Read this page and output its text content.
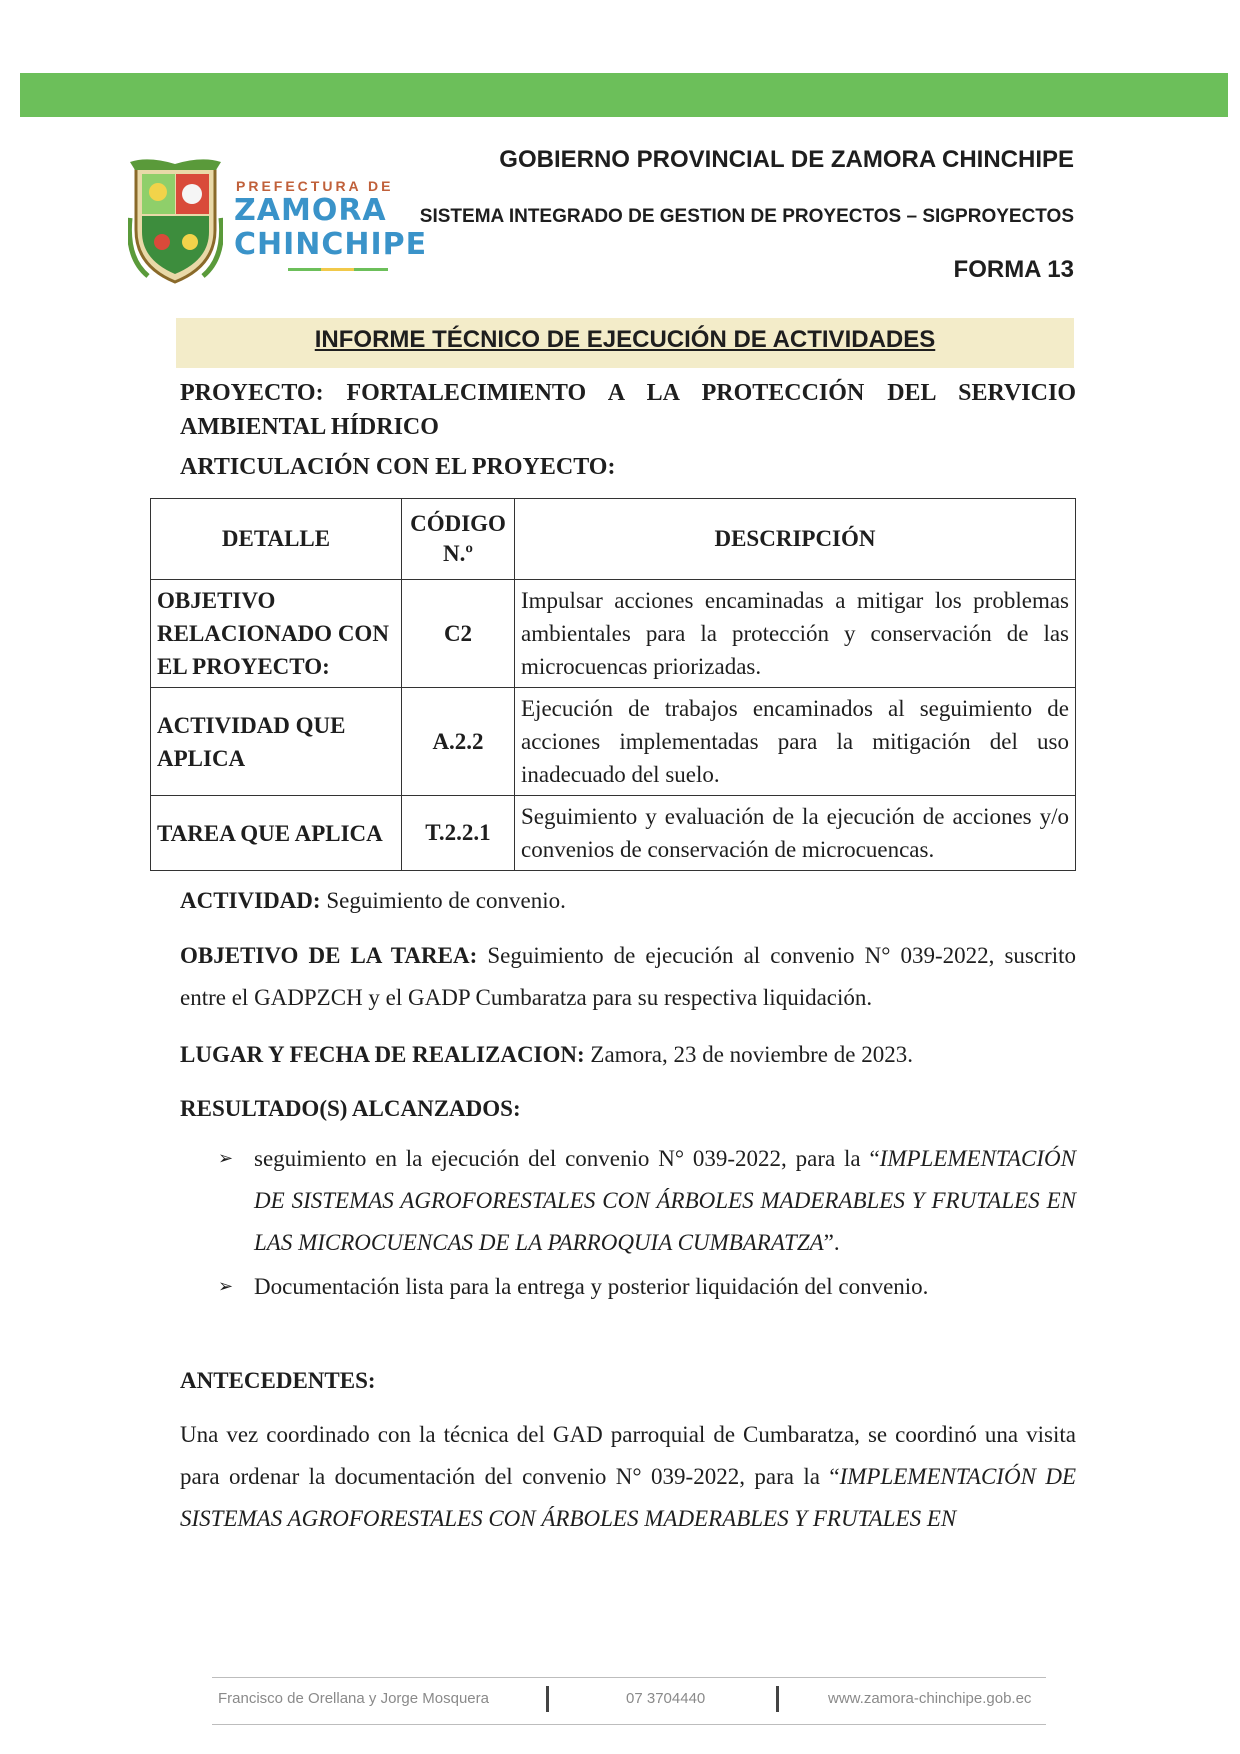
PREFECTURA DE
ZAMORA
CHINCHIPE
GOBIERNO PROVINCIAL DE ZAMORA CHINCHIPE
SISTEMA INTEGRADO DE GESTION DE PROYECTOS – SIGPROYECTOS
FORMA 13
INFORME TÉCNICO DE EJECUCIÓN DE ACTIVIDADES
PROYECTO: FORTALECIMIENTO A LA PROTECCIÓN DEL SERVICIO AMBIENTAL HÍDRICO
ARTICULACIÓN CON EL PROYECTO:
DETALLE	CÓDIGO N.º	DESCRIPCIÓN
OBJETIVO RELACIONADO CON EL PROYECTO:	C2	Impulsar acciones encaminadas a mitigar los problemas ambientales para la protección y conservación de las microcuencas priorizadas.
ACTIVIDAD QUE APLICA	A.2.2	Ejecución de trabajos encaminados al seguimiento de acciones implementadas para la mitigación del uso inadecuado del suelo.
TAREA QUE APLICA	T.2.2.1	Seguimiento y evaluación de la ejecución de acciones y/o convenios de conservación de microcuencas.
ACTIVIDAD: Seguimiento de convenio.
OBJETIVO DE LA TAREA: Seguimiento de ejecución al convenio N° 039-2022, suscrito entre el GADPZCH y el GADP Cumbaratza para su respectiva liquidación.
LUGAR Y FECHA DE REALIZACION: Zamora, 23 de noviembre de 2023.
RESULTADO(S) ALCANZADOS:
➢ seguimiento en la ejecución del convenio N° 039-2022, para la “IMPLEMENTACIÓN DE SISTEMAS AGROFORESTALES CON ÁRBOLES MADERABLES Y FRUTALES EN LAS MICROCUENCAS DE LA PARROQUIA CUMBARATZA”.
➢ Documentación lista para la entrega y posterior liquidación del convenio.
ANTECEDENTES:
Una vez coordinado con la técnica del GAD parroquial de Cumbaratza, se coordinó una visita para ordenar la documentación del convenio N° 039-2022, para la “IMPLEMENTACIÓN DE SISTEMAS AGROFORESTALES CON ÁRBOLES MADERABLES Y FRUTALES EN
Francisco de Orellana y Jorge Mosquera	07 3704440	www.zamora-chinchipe.gob.ec
